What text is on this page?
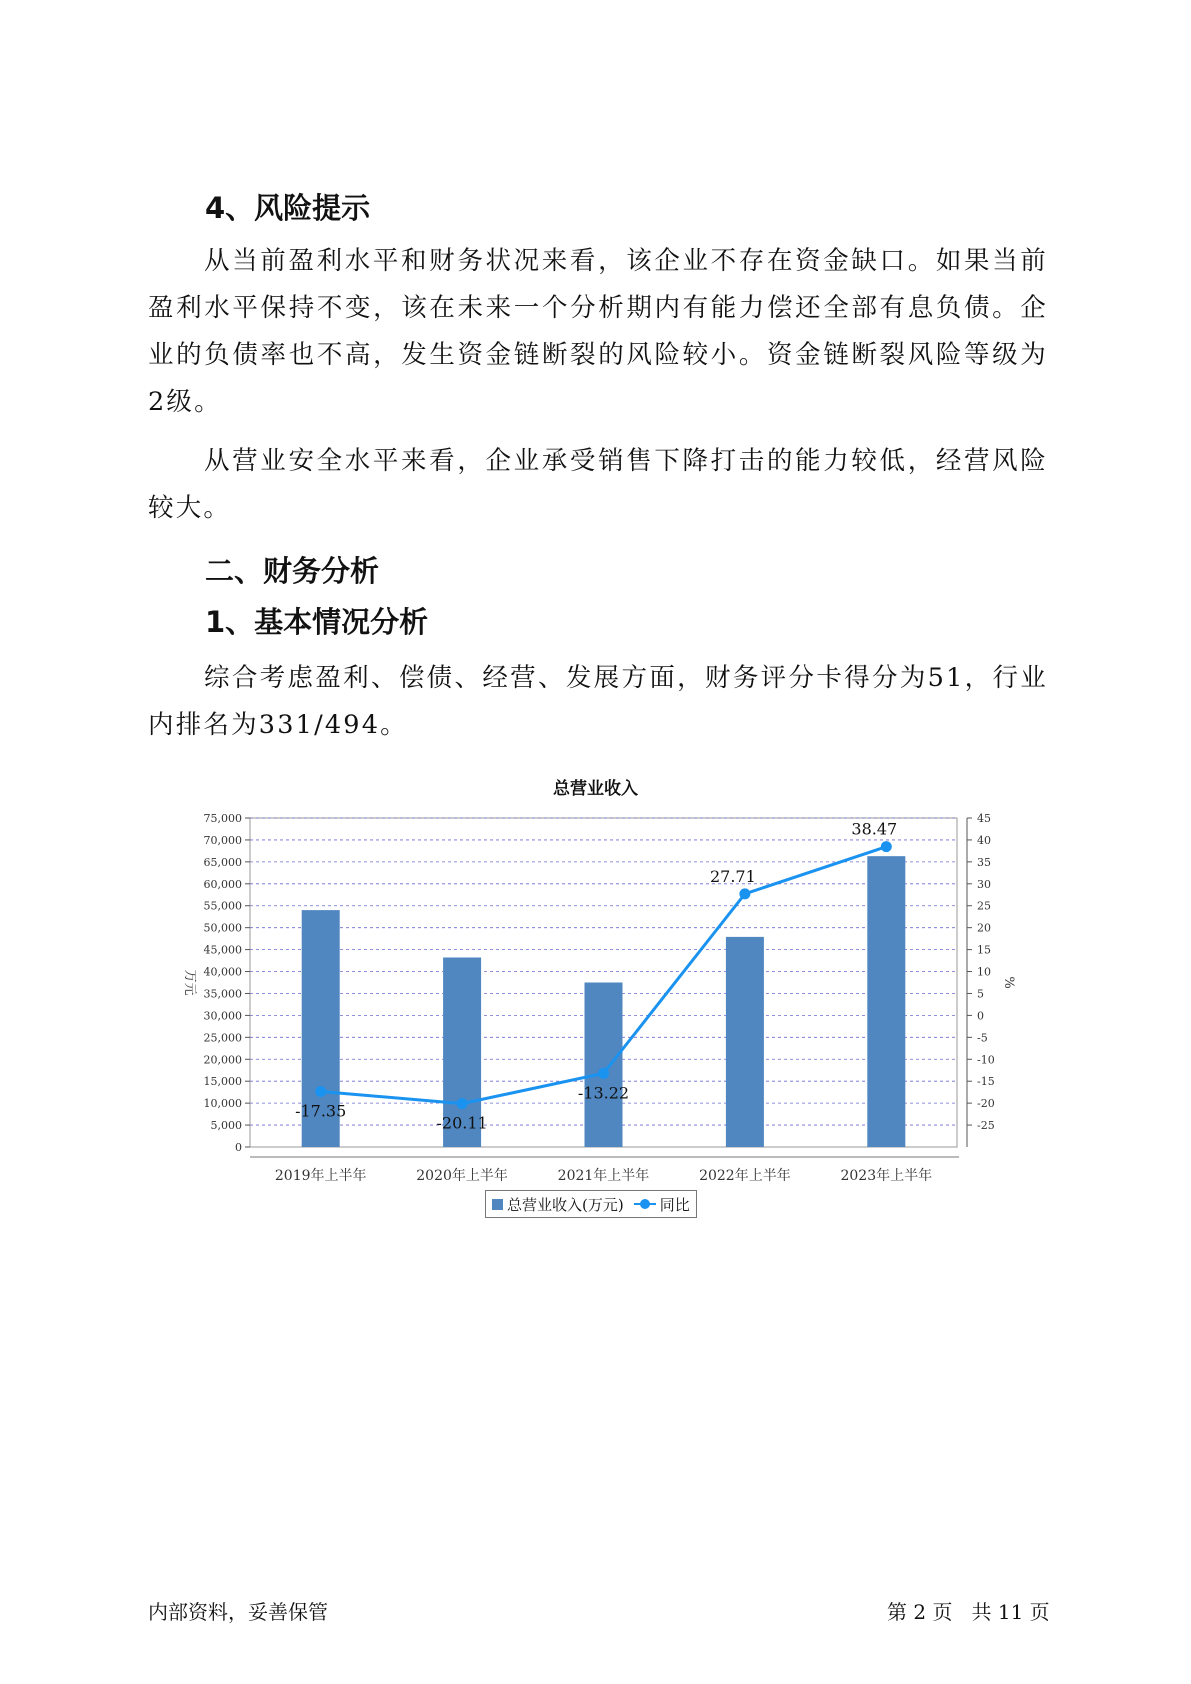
4、风险提示

从当前盈利水平和财务状况来看，该企业不存在资金缺口。如果当前盈利水平保持不变，该在未来一个分析期内有能力偿还全部有息负债。企业的负债率也不高，发生资金链断裂的风险较小。资金链断裂风险等级为2级。

从营业安全水平来看，企业承受销售下降打击的能力较低，经营风险较大。

二、财务分析
1、基本情况分析

综合考虑盈利、偿债、经营、发展方面，财务评分卡得分为51，行业内排名为331/494。

总营业收入
0
5,000
10,000
15,000
20,000
25,000
30,000
35,000
40,000
45,000
50,000
55,000
60,000
65,000
70,000
75,000
-25
-20
-15
-10
-5
0
5
10
15
20
25
30
35
40
45
万元	%
2019年上半年	2020年上半年	2021年上半年	2022年上半年	2023年上半年
-17.35
-20.11
-13.22
27.71
38.47
总营业收入(万元) 同比
内部资料，妥善保管	第 2 页   共 11 页
